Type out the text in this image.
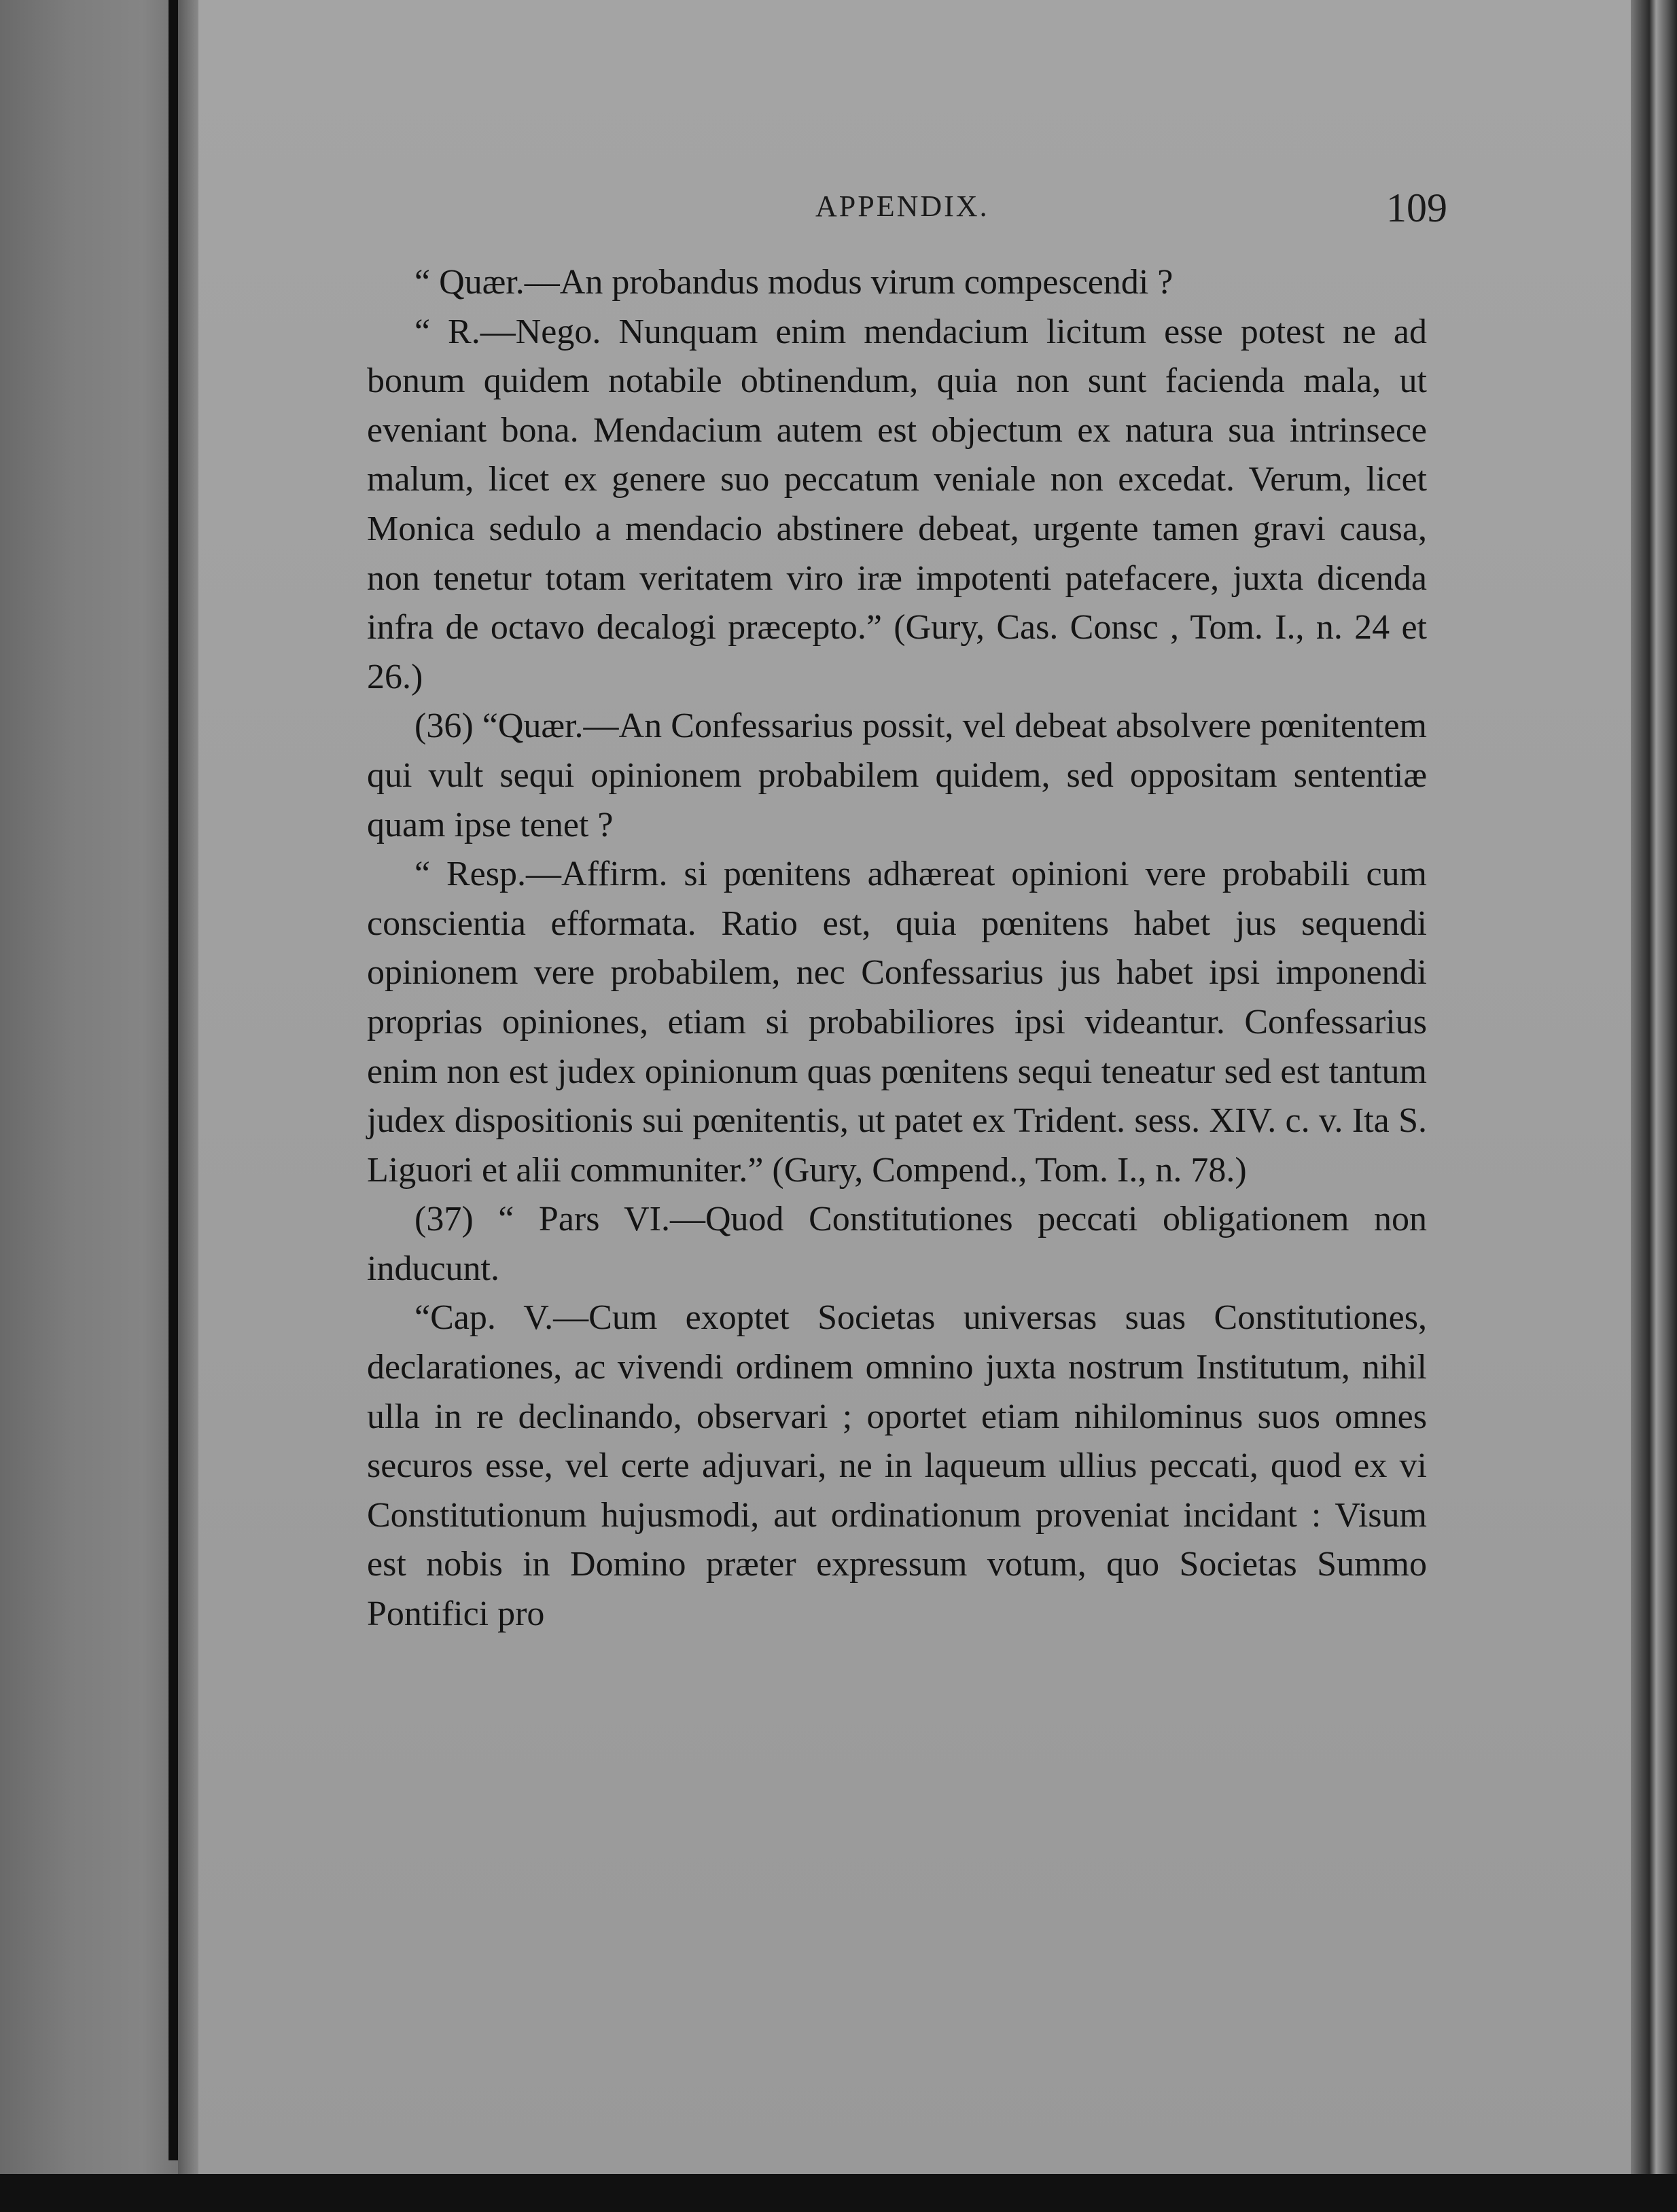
APPENDIX.	109

“ Quær.—An probandus modus virum compescendi ?

“ R.—Nego. Nunquam enim mendacium licitum esse potest ne ad bonum quidem notabile obtinendum, quia non sunt facienda mala, ut eveniant bona. Mendacium autem est objectum ex natura sua intrinsece malum, licet ex genere suo peccatum veniale non excedat. Verum, licet Monica sedulo a mendacio abstinere debeat, urgente tamen gravi causa, non tenetur totam veritatem viro iræ impotenti patefacere, juxta dicenda infra de octavo decalogi præcepto.” (Gury, Cas. Consc , Tom. I., n. 24 et 26.)

(36) “Quær.—An Confessarius possit, vel debeat absolvere pœnitentem qui vult sequi opinionem probabilem quidem, sed oppositam sententiæ quam ipse tenet ?

“ Resp.—Affirm. si pœnitens adhæreat opinioni vere probabili cum conscientia efformata. Ratio est, quia pœnitens habet jus sequendi opinionem vere probabilem, nec Confessarius jus habet ipsi imponendi proprias opiniones, etiam si probabiliores ipsi videantur. Confessarius enim non est judex opinionum quas pœnitens sequi teneatur sed est tantum judex dispositionis sui pœnitentis, ut patet ex Trident. sess. XIV. c. v. Ita S. Liguori et alii communiter.” (Gury, Compend., Tom. I., n. 78.)

(37) “ Pars VI.—Quod Constitutiones peccati obligationem non inducunt.

“Cap. V.—Cum exoptet Societas universas suas Constitutiones, declarationes, ac vivendi ordinem omnino juxta nostrum Institutum, nihil ulla in re declinando, observari ; oportet etiam nihilominus suos omnes securos esse, vel certe adjuvari, ne in laqueum ullius peccati, quod ex vi Constitutionum hujusmodi, aut ordinationum proveniat incidant : Visum est nobis in Domino præter expressum votum, quo Societas Summo Pontifici pro
